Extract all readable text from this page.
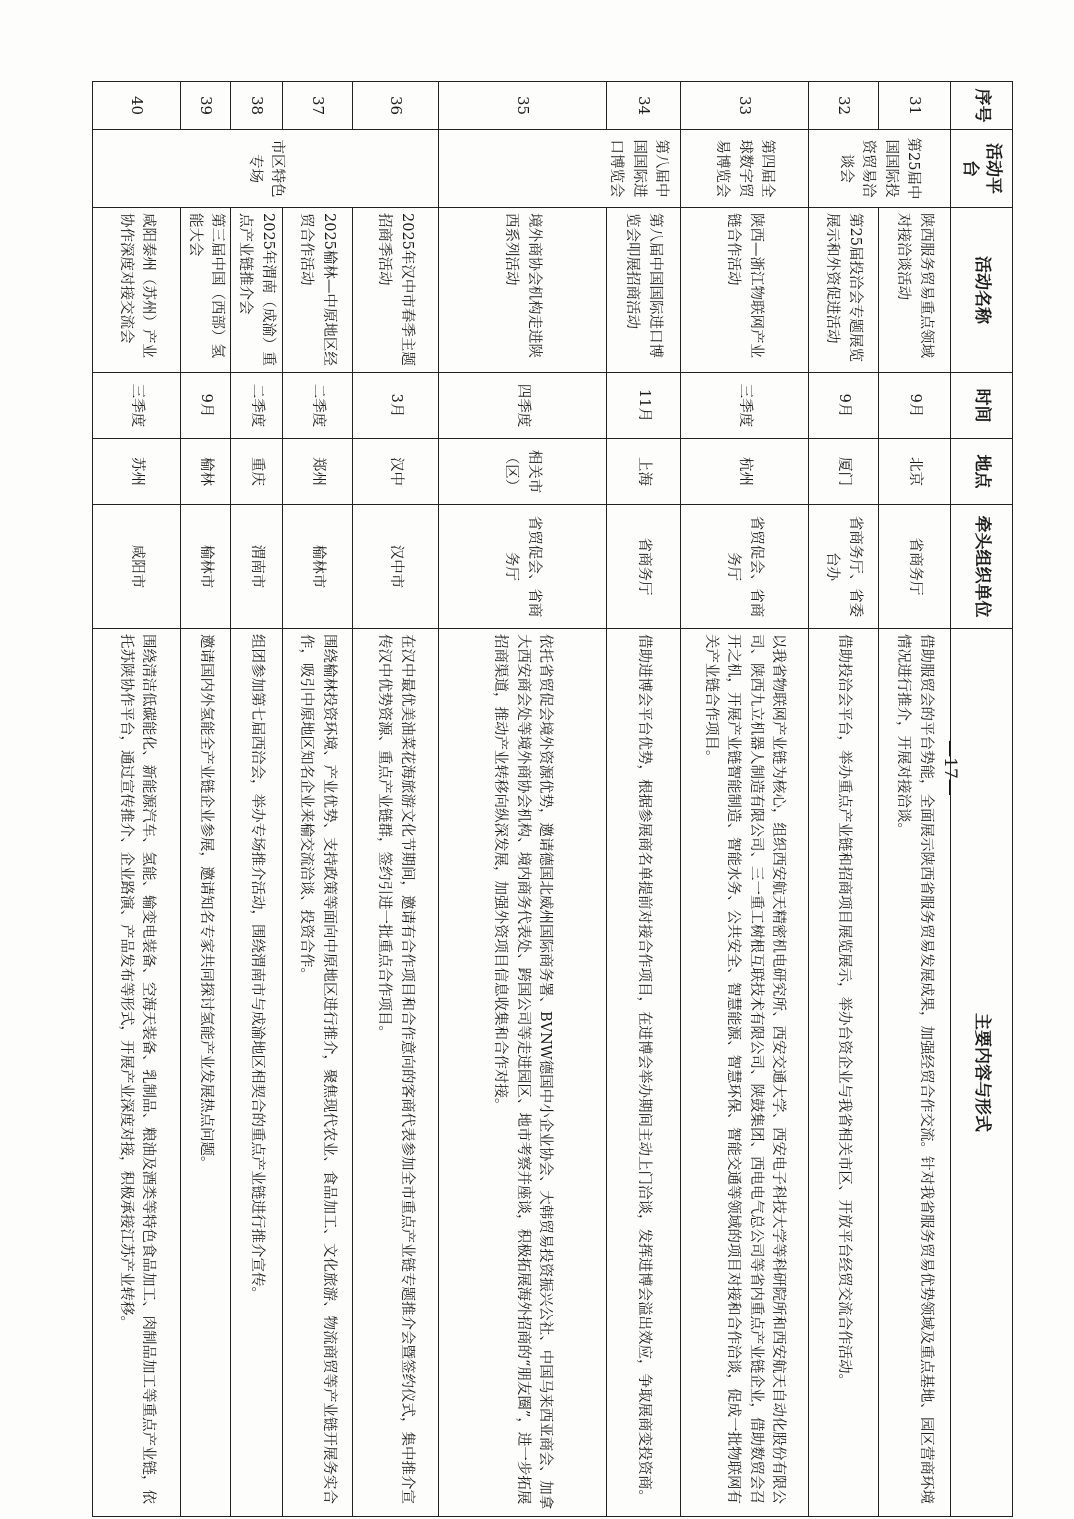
序号	活动平台	活动名称	时间	地点	牵头组织单位	主要内容与形式
31	第25届中国国际投资贸易洽谈会	陕西服务贸易重点领域对接洽谈活动	9月	北京	省商务厅	借助服贸会的平台势能，全面展示陕西省服务贸易发展成果，加强经贸合作交流。针对我省服务贸易优势领域及重点基地、园区营商环境情况进行推介，开展对接洽谈。
32		第25届投洽会专题展览展示和外资促进活动	9月	厦门	省商务厅、省委台办	借助投洽会平台，举办重点产业链和招商项目展览展示，举办台资企业与我省相关市区、开放平台经贸交流合作活动。
33	第四届全球数字贸易博览会	陕西—浙江物联网产业链合作活动	三季度	杭州	省贸促会、省商务厅	以我省物联网产业链为核心，组织西安航天精密机电研究所、西安交通大学、西安电子科技大学等科研院所和西安航天自动化股份有限公司、陕西九立机器人制造有限公司、三一重工树根互联技术有限公司、陕鼓集团、西电电气总公司等省内重点产业链企业，借助数贸会召开之机，开展产业链智能制造、智能水务、公共安全、智慧能源、智慧环保、智能交通等领域的项目对接和合作洽谈，促成一批物联网有关产业链合作项目。
34	第八届中国国际进口博览会	第八届中国国际进口博览会叩展招商活动	11月	上海	省商务厅	借助进博会平台优势，根据参展商名单提前对接合作项目，在进博会举办期间主动上门洽谈，发挥进博会溢出效应，争取展商变投资商。
35		境外商协会机构走进陕西系列活动	四季度	相关市（区）	省贸促会、省商务厅	依托省贸促会境外资源优势，邀请德国北威州国际商务署、BVNW德国中小企业协会、大韩贸易投资振兴公社、中国马来西亚商会、加拿大西安商会处等境外商协会机构、境内商务代表处、跨国公司等走进园区、地市考察并座谈，积极拓展海外招商的“朋友圈”，进一步拓展招商渠道，推动产业转移向纵深发展，加强外资项目信息收集和合作对接。
36	市区特色专场	2025年汉中市春季主题招商季活动	3月	汉中	汉中市	在汉中最优美油菜花海旅游文化节期间，邀请有合作项目和合作意向的客商代表参加全市重点产业链专题推介会暨签约仪式，集中推介宣传汉中优势资源、重点产业链群，签约引进一批重点合作项目。
37		2025榆林—中原地区经贸合作活动	二季度	郑州	榆林市	围绕榆林投资环境、产业优势、支持政策等面向中原地区进行推介，聚焦现代农业、食品加工、文化旅游、物流商贸等产业链开展务实合作，吸引中原地区知名企业来榆交流洽谈、投资合作。
38		2025年渭南（成渝）重点产业链推介会	二季度	重庆	渭南市	组团参加第七届西洽会，举办专场推介活动，围绕渭南市与成渝地区相契合的重点产业链进行推介宣传。
39		第三届中国（西部）氢能大会	9月	榆林	榆林市	邀请国内外氢能全产业链企业参展，邀请知名专家共同探讨氢能产业发展热点问题。
40		咸阳泰州（苏州）产业协作深度对接交流会	三季度	苏州	咸阳市	围绕清洁低碳能化、新能源汽车、氢能、输变电装备、空海天装备、乳制品、粮油及酒类等特色食品加工、肉制品加工等重点产业链，依托苏陕协作平台，通过宣传推介、企业路演、产品发布等形式，开展产业深度对接，积极承接江苏产业转移。	—17—
